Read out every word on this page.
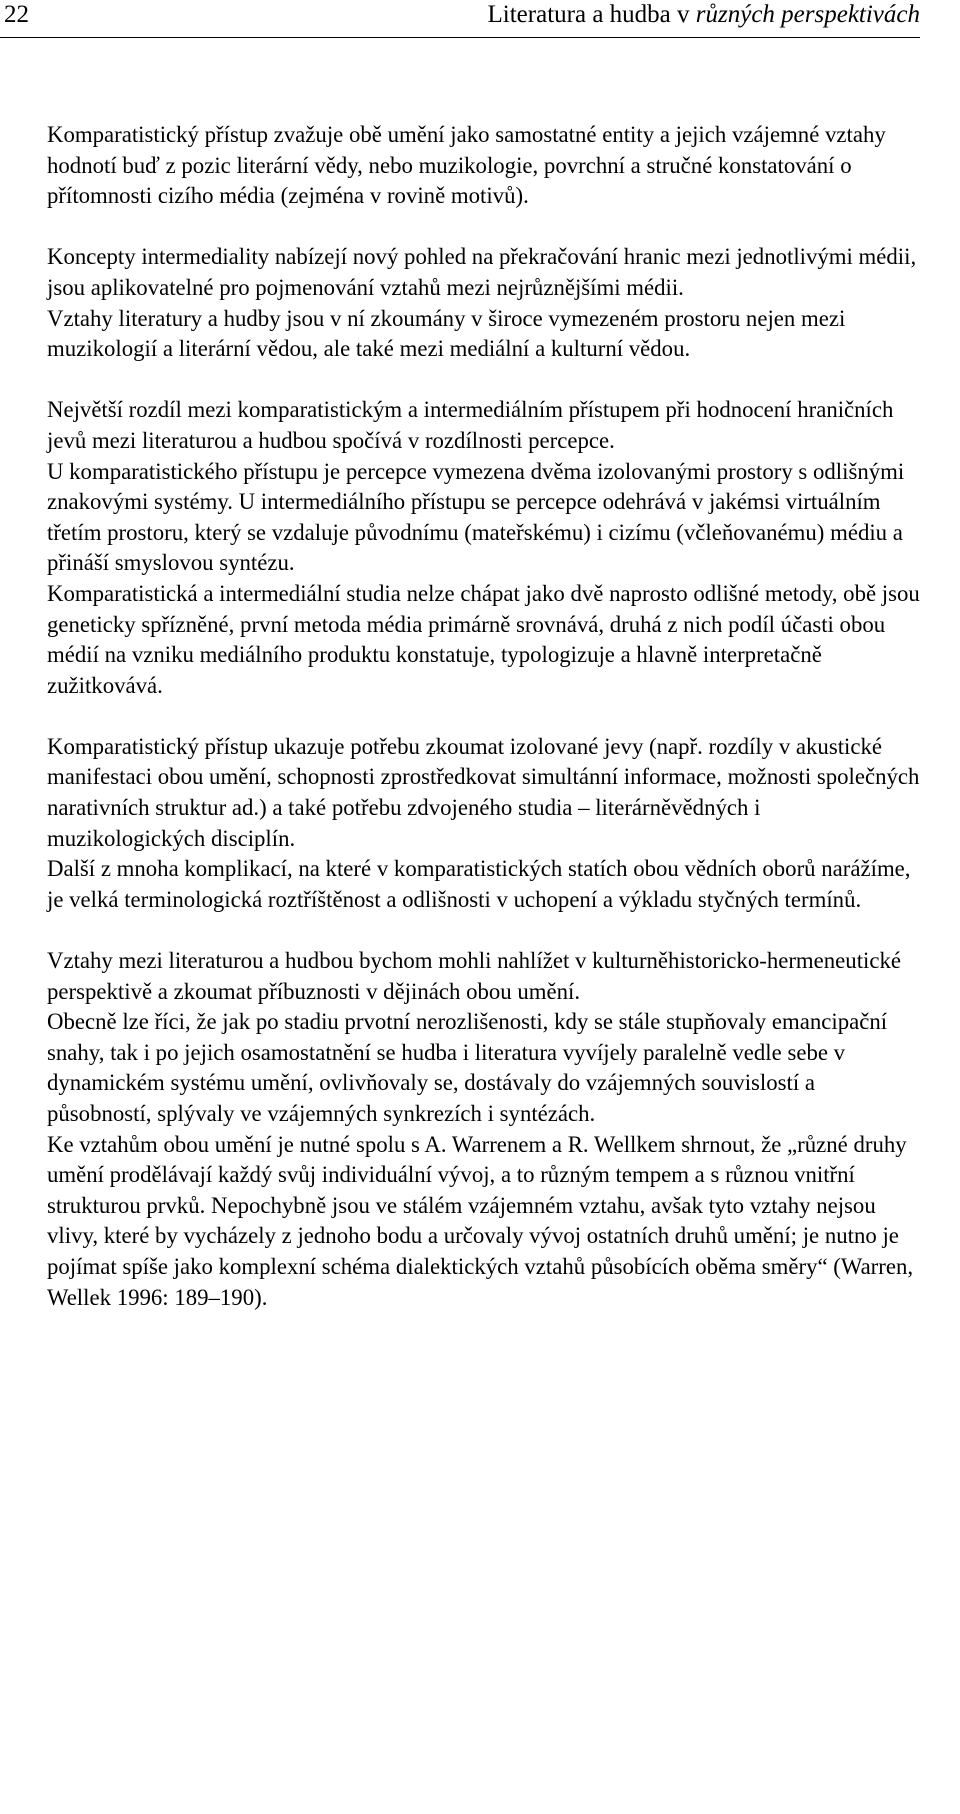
22	Literatura a hudba v různých perspektivách

Komparatistický přístup zvažuje obě umění jako samostatné entity a jejich vzájemné vztahy hodnotí buď z pozic literární vědy, nebo muzikologie, povrchní a stručné konstatování o přítomnosti cizího média (zejména v rovině motivů).

Koncepty intermediality nabízejí nový pohled na překračování hranic mezi jednotlivými médii, jsou aplikovatelné pro pojmenování vztahů mezi nejrůznějšími médii.

Vztahy literatury a hudby jsou v ní zkoumány v široce vymezeném prostoru nejen mezi muzikologií a literární vědou, ale také mezi mediální a kulturní vědou.

Největší rozdíl mezi komparatistickým a intermediálním přístupem při hodnocení hraničních jevů mezi literaturou a hudbou spočívá v rozdílnosti percepce.

U komparatistického přístupu je percepce vymezena dvěma izolovanými prostory s odlišnými znakovými systémy. U intermediálního přístupu se percepce odehrává v jakémsi virtuálním třetím prostoru, který se vzdaluje původnímu (mateřskému) i cizímu (včleňovanému) médiu a přináší smyslovou syntézu.

Komparatistická a intermediální studia nelze chápat jako dvě naprosto odlišné metody, obě jsou geneticky spřízněné, první metoda média primárně srovnává, druhá z nich podíl účasti obou médií na vzniku mediálního produktu konstatuje, typologizuje a hlavně interpretačně zužitkovává.

Komparatistický přístup ukazuje potřebu zkoumat izolované jevy (např. rozdíly v akustické manifestaci obou umění, schopnosti zprostředkovat simultánní informace, možnosti společných narativních struktur ad.) a také potřebu zdvojeného studia – literárněvědných i muzikologických disciplín.

Další z mnoha komplikací, na které v komparatistických statích obou vědních oborů narážíme, je velká terminologická roztříštěnost a odlišnosti v uchopení a výkladu styčných termínů.

Vztahy mezi literaturou a hudbou bychom mohli nahlížet v kulturněhistoricko-hermeneutické perspektivě a zkoumat příbuznosti v dějinách obou umění.

Obecně lze říci, že jak po stadiu prvotní nerozlišenosti, kdy se stále stupňovaly emancipační snahy, tak i po jejich osamostatnění se hudba i literatura vyvíjely paralelně vedle sebe v dynamickém systému umění, ovlivňovaly se, dostávaly do vzájemných souvislostí a působností, splývaly ve vzájemných synkrezích i syntézách.

Ke vztahům obou umění je nutné spolu s A. Warrenem a R. Wellkem shrnout, že „různé druhy umění prodělávají každý svůj individuální vývoj, a to různým tempem a s různou vnitřní strukturou prvků. Nepochybně jsou ve stálém vzájemném vztahu, avšak tyto vztahy nejsou vlivy, které by vycházely z jednoho bodu a určovaly vývoj ostatních druhů umění; je nutno je pojímat spíše jako komplexní schéma dialektických vztahů působících oběma směry“ (Warren, Wellek 1996: 189–190).
